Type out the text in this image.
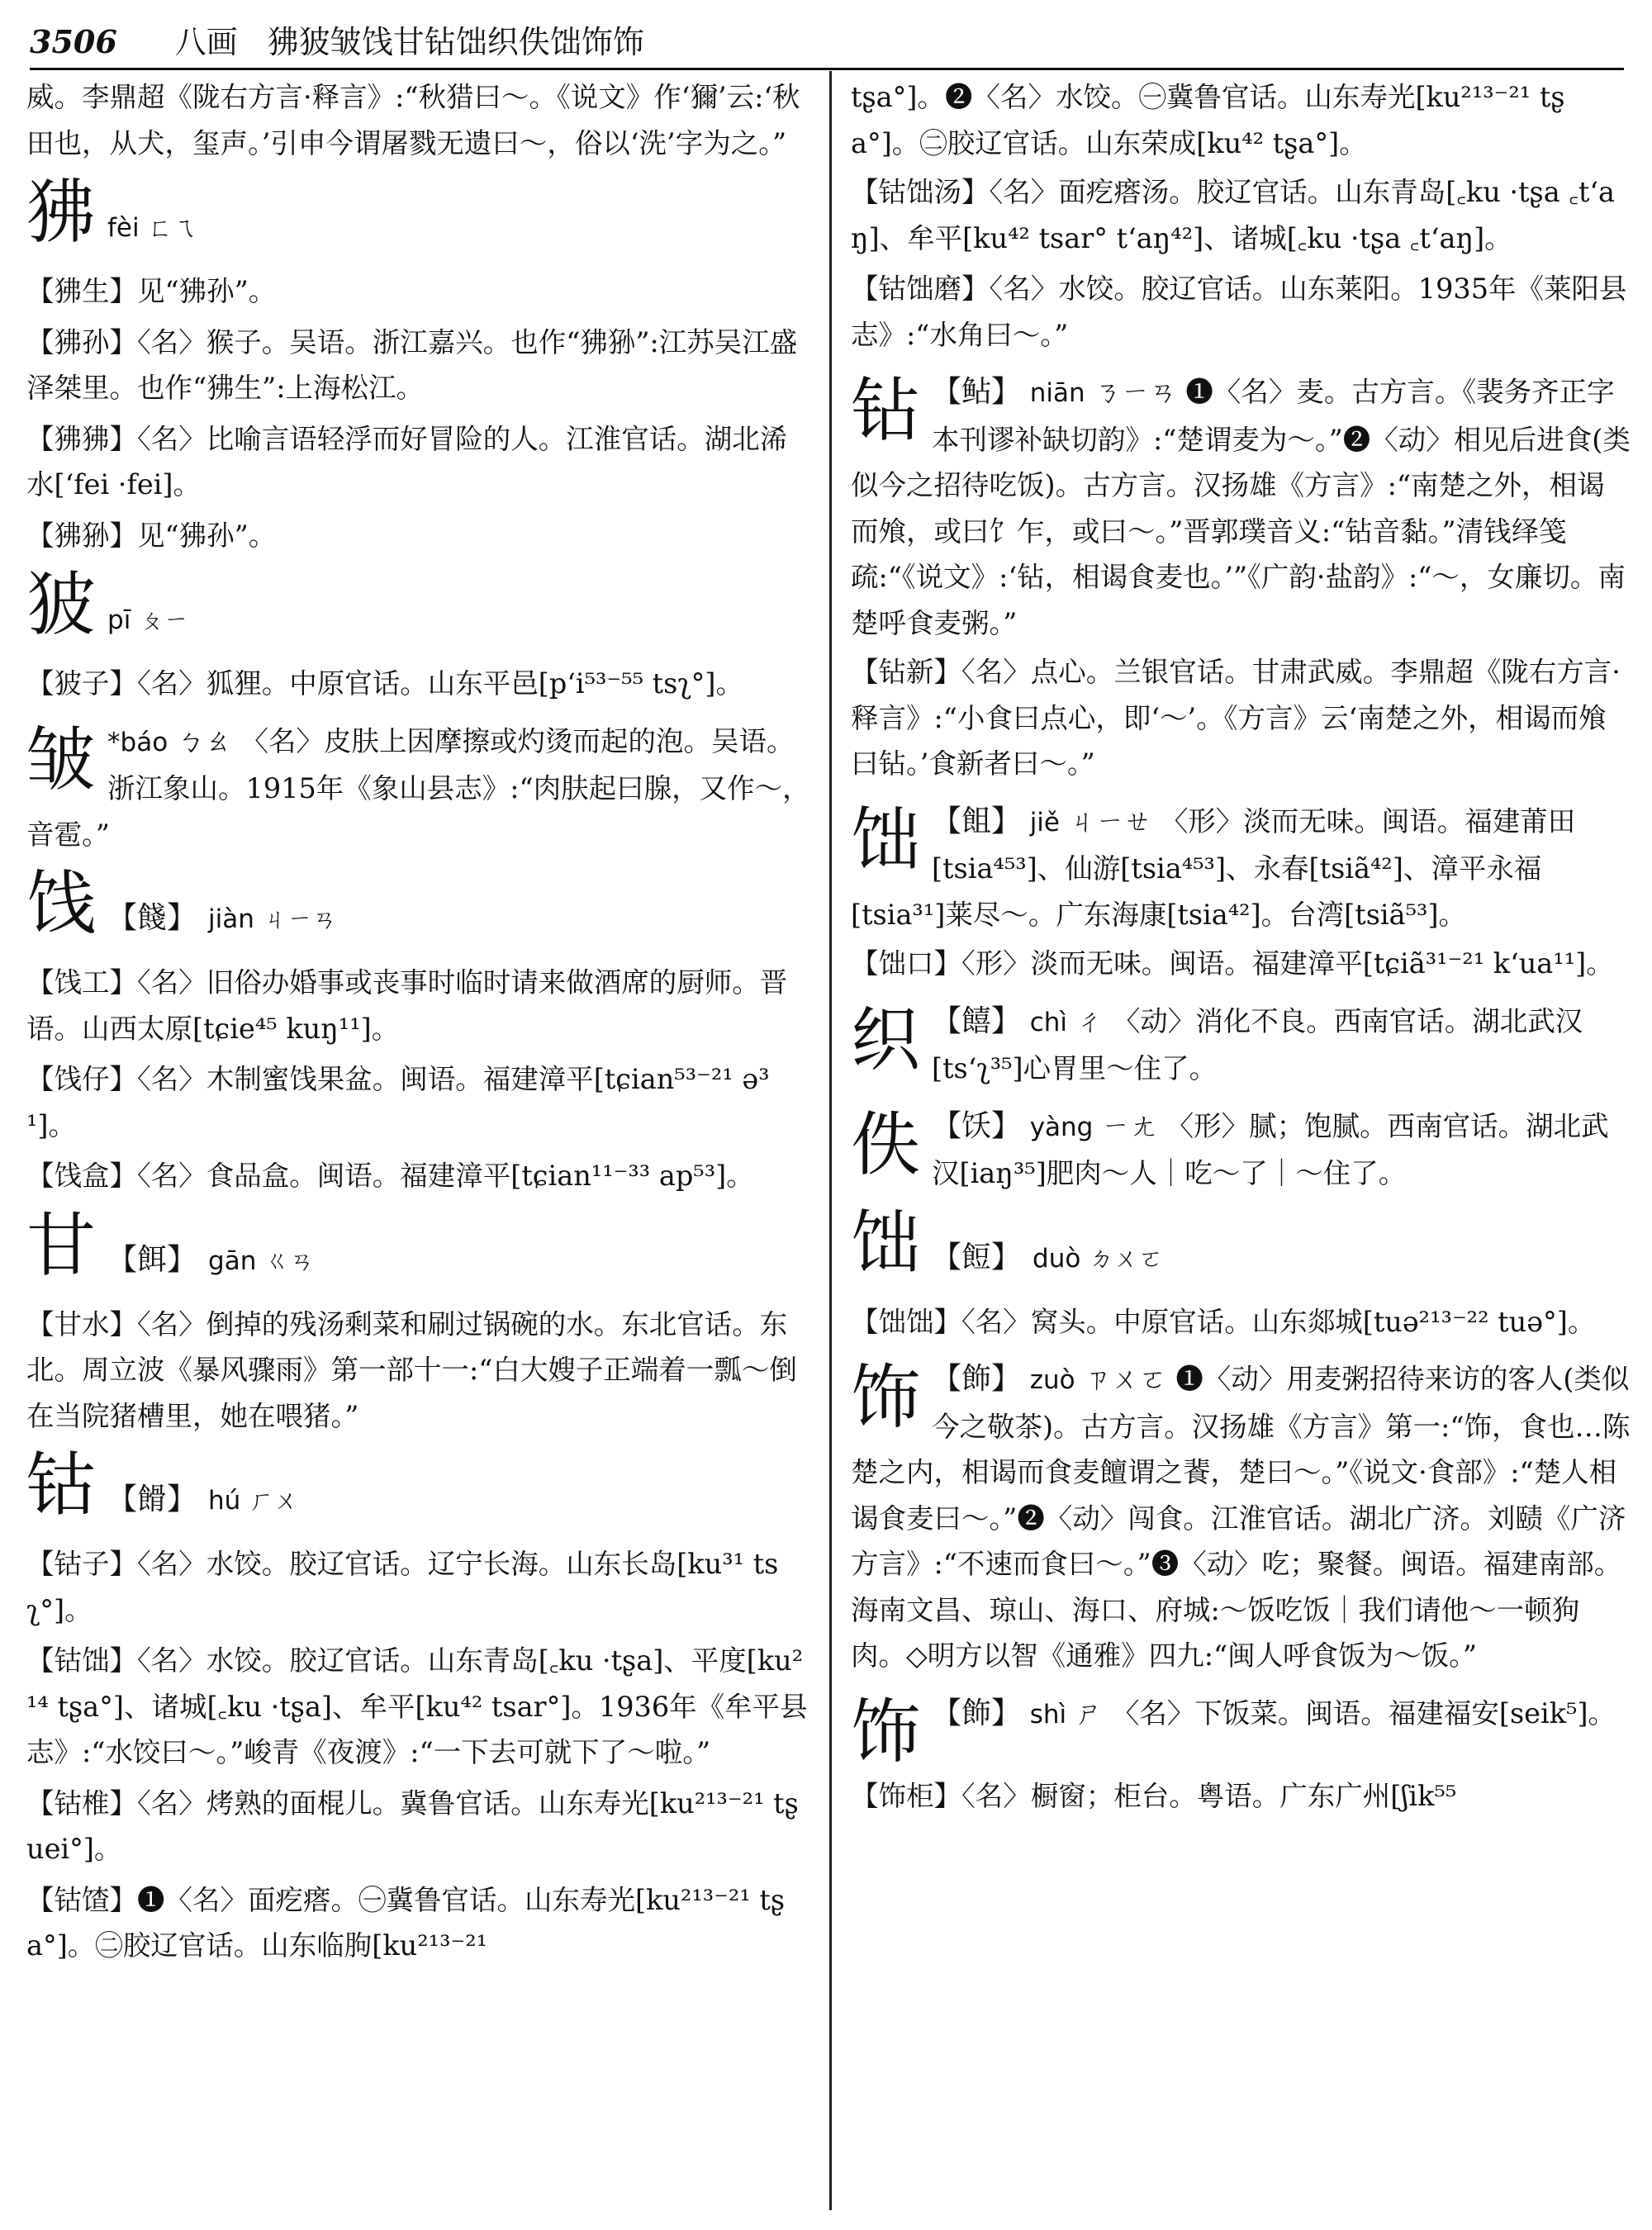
3506 八画 狒狓皱饯甘钻饳织佚饳饰饰

威。李鼎超《陇右方言·释言》:“秋猎曰～。《说文》作‘獮’云:‘秋田也，从犬，玺声。’引申今谓屠戮无遗曰～，俗以‘洗’字为之。”

狒 fèi ㄈㄟ

【狒生】见“狒孙”。

【狒孙】〈名〉猴子。吴语。浙江嘉兴。也作“狒狲”:江苏吴江盛泽桀里。也作“狒生”:上海松江。

【狒狒】〈名〉比喻言语轻浮而好冒险的人。江淮官话。湖北浠水[ʻfei ·fei]。

【狒狲】见“狒孙”。

狓 pī ㄆㄧ

【狓子】〈名〉狐狸。中原官话。山东平邑[pʻi⁵³⁻⁵⁵ tsʅ°]。

皱 *báo ㄅㄠ 〈名〉皮肤上因摩擦或灼烫而起的泡。吴语。浙江象山。1915年《象山县志》:“肉肤起曰腺，又作～，音雹。”
饯 【餞】 jiàn ㄐㄧㄢ

【饯工】〈名〉旧俗办婚事或丧事时临时请来做酒席的厨师。晋语。山西太原[tɕie⁴⁵ kuŋ¹¹]。

【饯仔】〈名〉木制蜜饯果盆。闽语。福建漳平[tɕian⁵³⁻²¹ ə³¹]。

【饯盒】〈名〉食品盒。闽语。福建漳平[tɕian¹¹⁻³³ ap⁵³]。

甘 【餌】 gān ㄍㄢ

【甘水】〈名〉倒掉的残汤剩菜和刷过锅碗的水。东北官话。东北。周立波《暴风骤雨》第一部十一:“白大嫂子正端着一瓢～倒在当院猪槽里，她在喂猪。”

钴 【餶】 hú ㄏㄨ

【钴子】〈名〉水饺。胶辽官话。辽宁长海。山东长岛[ku³¹ tsʅ°]。

【钴饳】〈名〉水饺。胶辽官话。山东青岛[꜀ku ·tʂa]、平度[ku²¹⁴ tʂa°]、诸城[꜀ku ·tʂa]、牟平[ku⁴² tsar°]。1936年《牟平县志》:“水饺曰～。”峻青《夜渡》:“一下去可就下了～啦。”

【钴椎】〈名〉烤熟的面棍儿。冀鲁官话。山东寿光[ku²¹³⁻²¹ tʂuei°]。

【钴馇】❶〈名〉面疙瘩。㊀冀鲁官话。山东寿光[ku²¹³⁻²¹ tʂa°]。㊁胶辽官话。山东临朐[ku²¹³⁻²¹

tʂa°]。❷〈名〉水饺。㊀冀鲁官话。山东寿光[ku²¹³⁻²¹ tʂa°]。㊁胶辽官话。山东荣成[ku⁴² tʂa°]。

【钴饳汤】〈名〉面疙瘩汤。胶辽官话。山东青岛[꜀ku ·tʂa ꜀tʻaŋ]、牟平[ku⁴² tsar° tʻaŋ⁴²]、诸城[꜀ku ·tʂa ꜀tʻaŋ]。

【钴饳磨】〈名〉水饺。胶辽官话。山东莱阳。1935年《莱阳县志》:“水角曰～。”

钻 【鲇】 niān ㄋㄧㄢ ❶〈名〉麦。古方言。《裴务齐正字本刊谬补缺切韵》:“楚谓麦为～。”❷〈动〉相见后进食(类似今之招待吃饭)。古方言。汉扬雄《方言》:“南楚之外，相谒而飧，或曰饣乍，或曰～。”晋郭璞音义:“钻音黏。”清钱绎笺疏:“《说文》:‘钻，相谒食麦也。’”《广韵·盐韵》:“～，女廉切。南楚呼食麦粥。”

【钻新】〈名〉点心。兰银官话。甘肃武威。李鼎超《陇右方言·释言》:“小食曰点心，即‘～’。《方言》云‘南楚之外，相谒而飧曰钻。’食新者曰～。”

饳 【飷】 jiě ㄐㄧㄝ 〈形〉淡而无味。闽语。福建莆田[tsia⁴⁵³]、仙游[tsia⁴⁵³]、永春[tsiã⁴²]、漳平永福[tsia³¹]莱尽～。广东海康[tsia⁴²]。台湾[tsiã⁵³]。

【饳口】〈形〉淡而无味。闽语。福建漳平[tɕiã³¹⁻²¹ kʻua¹¹]。

织 【饎】 chì ㄔ 〈动〉消化不良。西南官话。湖北武汉[tsʻʅ³⁵]心胃里～住了。
佚 【饫】 yàng ㄧㄤ 〈形〉腻；饱腻。西南官话。湖北武汉[iaŋ³⁵]肥肉～人｜吃～了｜～住了。
饳 【餖】 duò ㄉㄨㄛ

【饳饳】〈名〉窝头。中原官话。山东郯城[tuə²¹³⁻²² tuə°]。

饰 【飾】 zuò ㄗㄨㄛ ❶〈动〉用麦粥招待来访的客人(类似今之敬茶)。古方言。汉扬雄《方言》第一:“饰，食也…陈楚之内，相谒而食麦饘谓之餥，楚曰～。”《说文·食部》:“楚人相谒食麦曰～。”❷〈动〉闯食。江淮官话。湖北广济。刘赜《广济方言》:“不速而食曰～。”❸〈动〉吃；聚餐。闽语。福建南部。海南文昌、琼山、海口、府城:～饭吃饭｜我们请他～一顿狗肉。◇明方以智《通雅》四九:“闽人呼食饭为～饭。”
饰 【飾】 shì ㄕ 〈名〉下饭菜。闽语。福建福安[seik⁵]。

【饰柜】〈名〉橱窗；柜台。粤语。广东广州[ʃik⁵⁵
